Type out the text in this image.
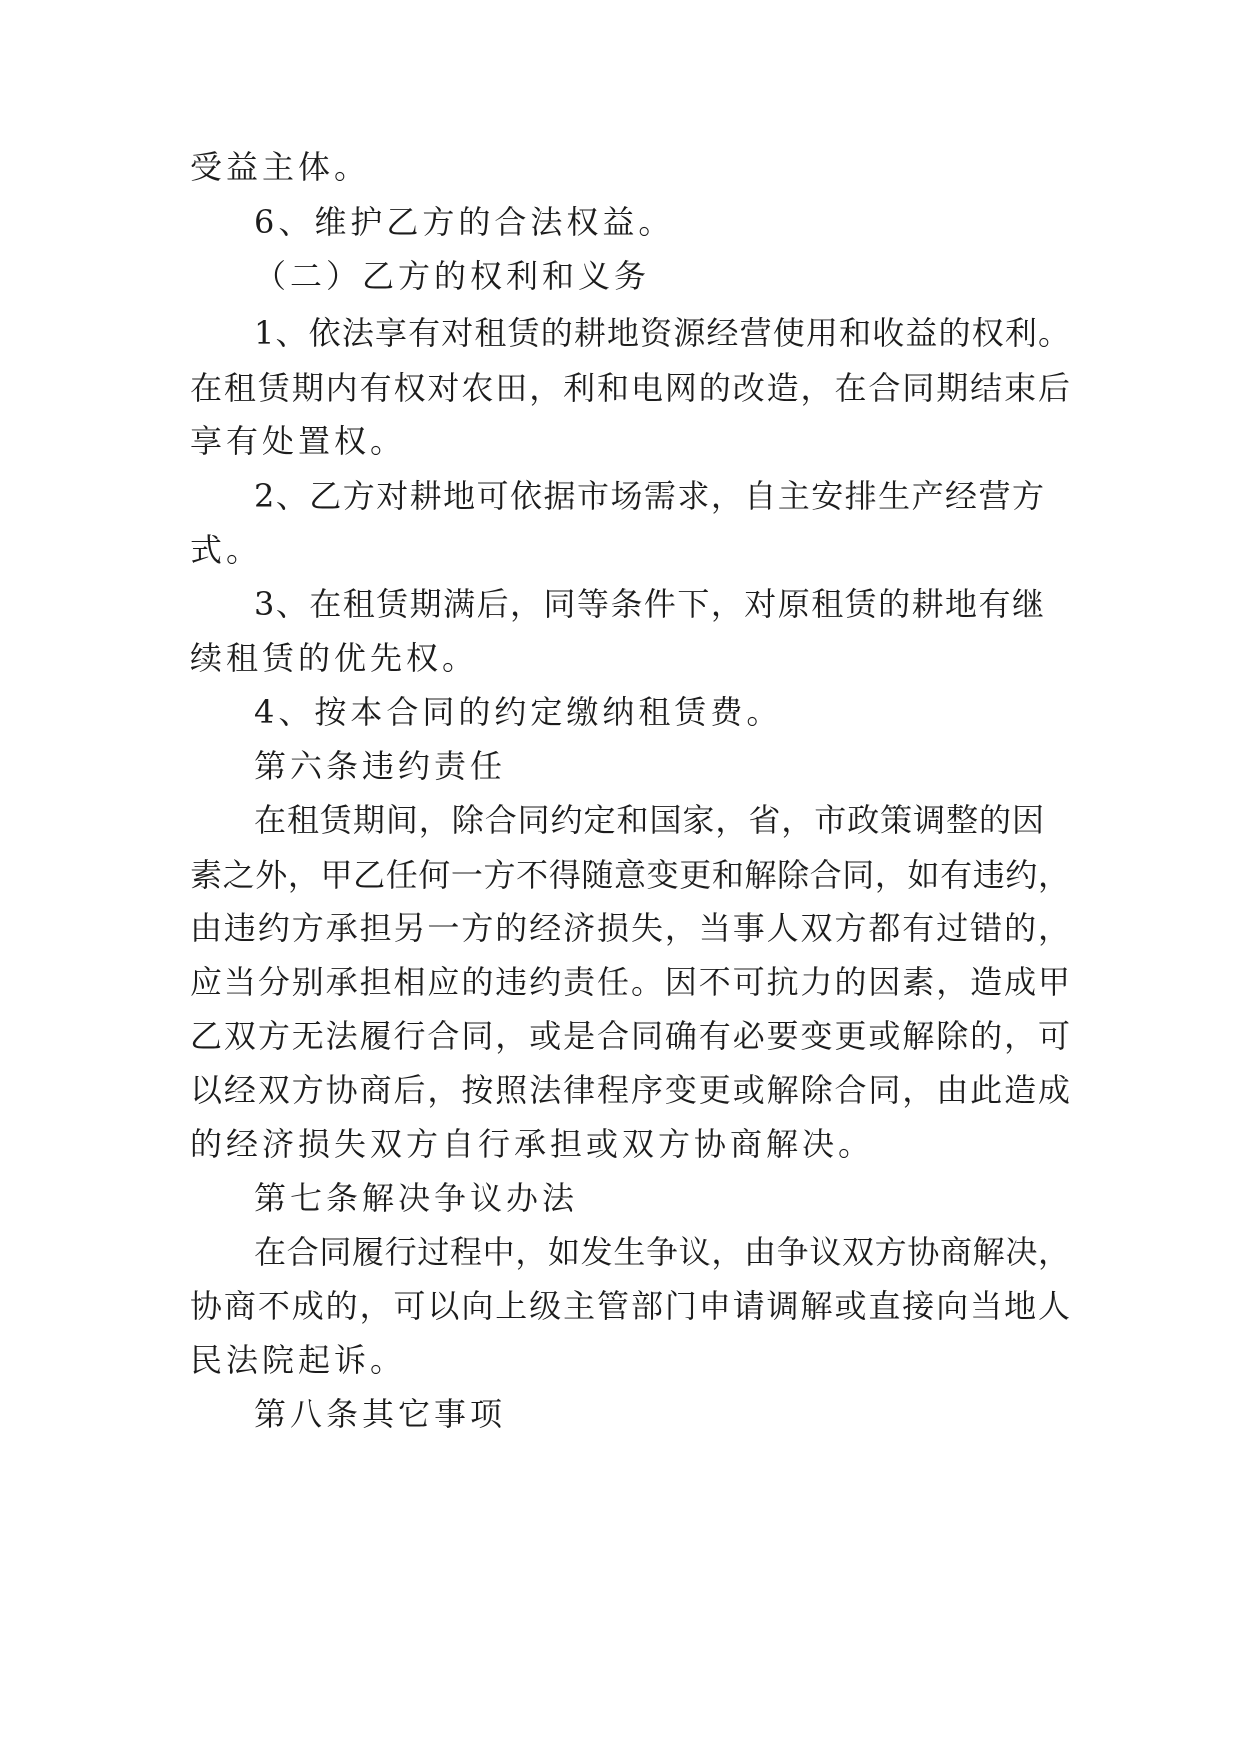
受益主体。
6、维护乙方的合法权益。
（二）乙方的权利和义务
1、依法享有对租赁的耕地资源经营使用和收益的权利。
在租赁期内有权对农田，利和电网的改造，在合同期结束后
享有处置权。
2、乙方对耕地可依据市场需求，自主安排生产经营方
式。
3、在租赁期满后，同等条件下，对原租赁的耕地有继
续租赁的优先权。
4、按本合同的约定缴纳租赁费。
第六条违约责任
在租赁期间，除合同约定和国家，省，市政策调整的因
素之外，甲乙任何一方不得随意变更和解除合同，如有违约，
由违约方承担另一方的经济损失，当事人双方都有过错的，
应当分别承担相应的违约责任。因不可抗力的因素，造成甲
乙双方无法履行合同，或是合同确有必要变更或解除的，可
以经双方协商后，按照法律程序变更或解除合同，由此造成
的经济损失双方自行承担或双方协商解决。
第七条解决争议办法
在合同履行过程中，如发生争议，由争议双方协商解决，
协商不成的，可以向上级主管部门申请调解或直接向当地人
民法院起诉。
第八条其它事项
